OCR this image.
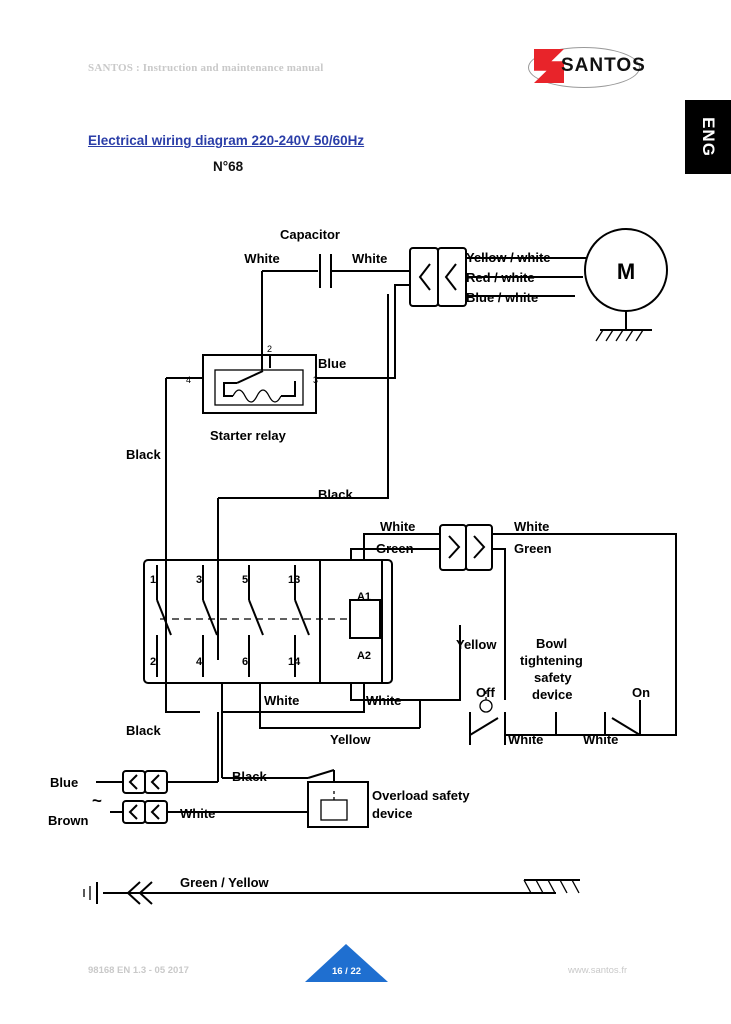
SANTOS : Instruction and maintenance manual	SANTOS
ENG
Electrical wiring diagram 220-240V 50/60Hz
N°68
M
2
3
4
1	3	5	13
2	4	6	14
A1
A2
Capacitor
White	White	Yellow / white
Red / white
Blue / white
Blue
Starter relay
Black
Black
White
Green
White
Green
Yellow
White	White
Yellow
Off	On
White	White
Bowl
tightening
safety
device
Black
Black
White
Overload safety
device
Blue
Brown
~
Green / Yellow
98168 EN 1.3 - 05 2017	16 / 22	www.santos.fr
